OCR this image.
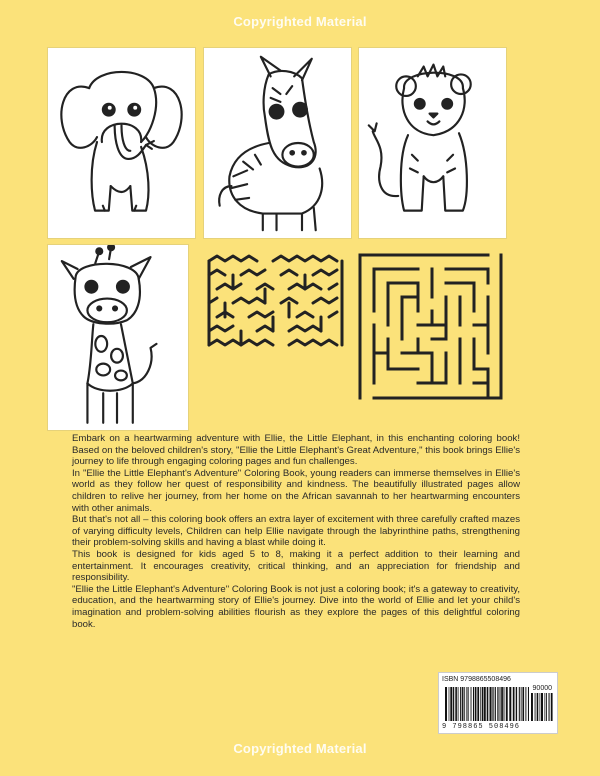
Copyrighted Material

Embark on a heartwarming adventure with Ellie, the Little Elephant, in this enchanting coloring book! Based on the beloved children's story, "Ellie the Little Elephant's Great Adventure," this book brings Ellie's journey to life through engaging coloring pages and fun challenges.

In "Ellie the Little Elephant's Adventure" Coloring Book, young readers can immerse themselves in Ellie's world as they follow her quest of responsibility and kindness. The beautifully illustrated pages allow children to relive her journey, from her home on the African savannah to her heartwarming encounters with other animals.

But that's not all – this coloring book offers an extra layer of excitement with three carefully crafted mazes of varying difficulty levels, Children can help Ellie navigate through the labyrinthine paths, strengthening their problem-solving skills and having a blast while doing it.

This book is designed for kids aged 5 to 8, making it a perfect addition to their learning and entertainment. It encourages creativity, critical thinking, and an appreciation for friendship and responsibility.

"Ellie the Little Elephant's Adventure" Coloring Book is not just a coloring book; it's a gateway to creativity, education, and the heartwarming story of Ellie's journey. Dive into the world of Ellie and let your child's imagination and problem-solving abilities flourish as they explore the pages of this delightful coloring book.

ISBN 9798865508496
90000
9 798865 508496
Copyrighted Material
